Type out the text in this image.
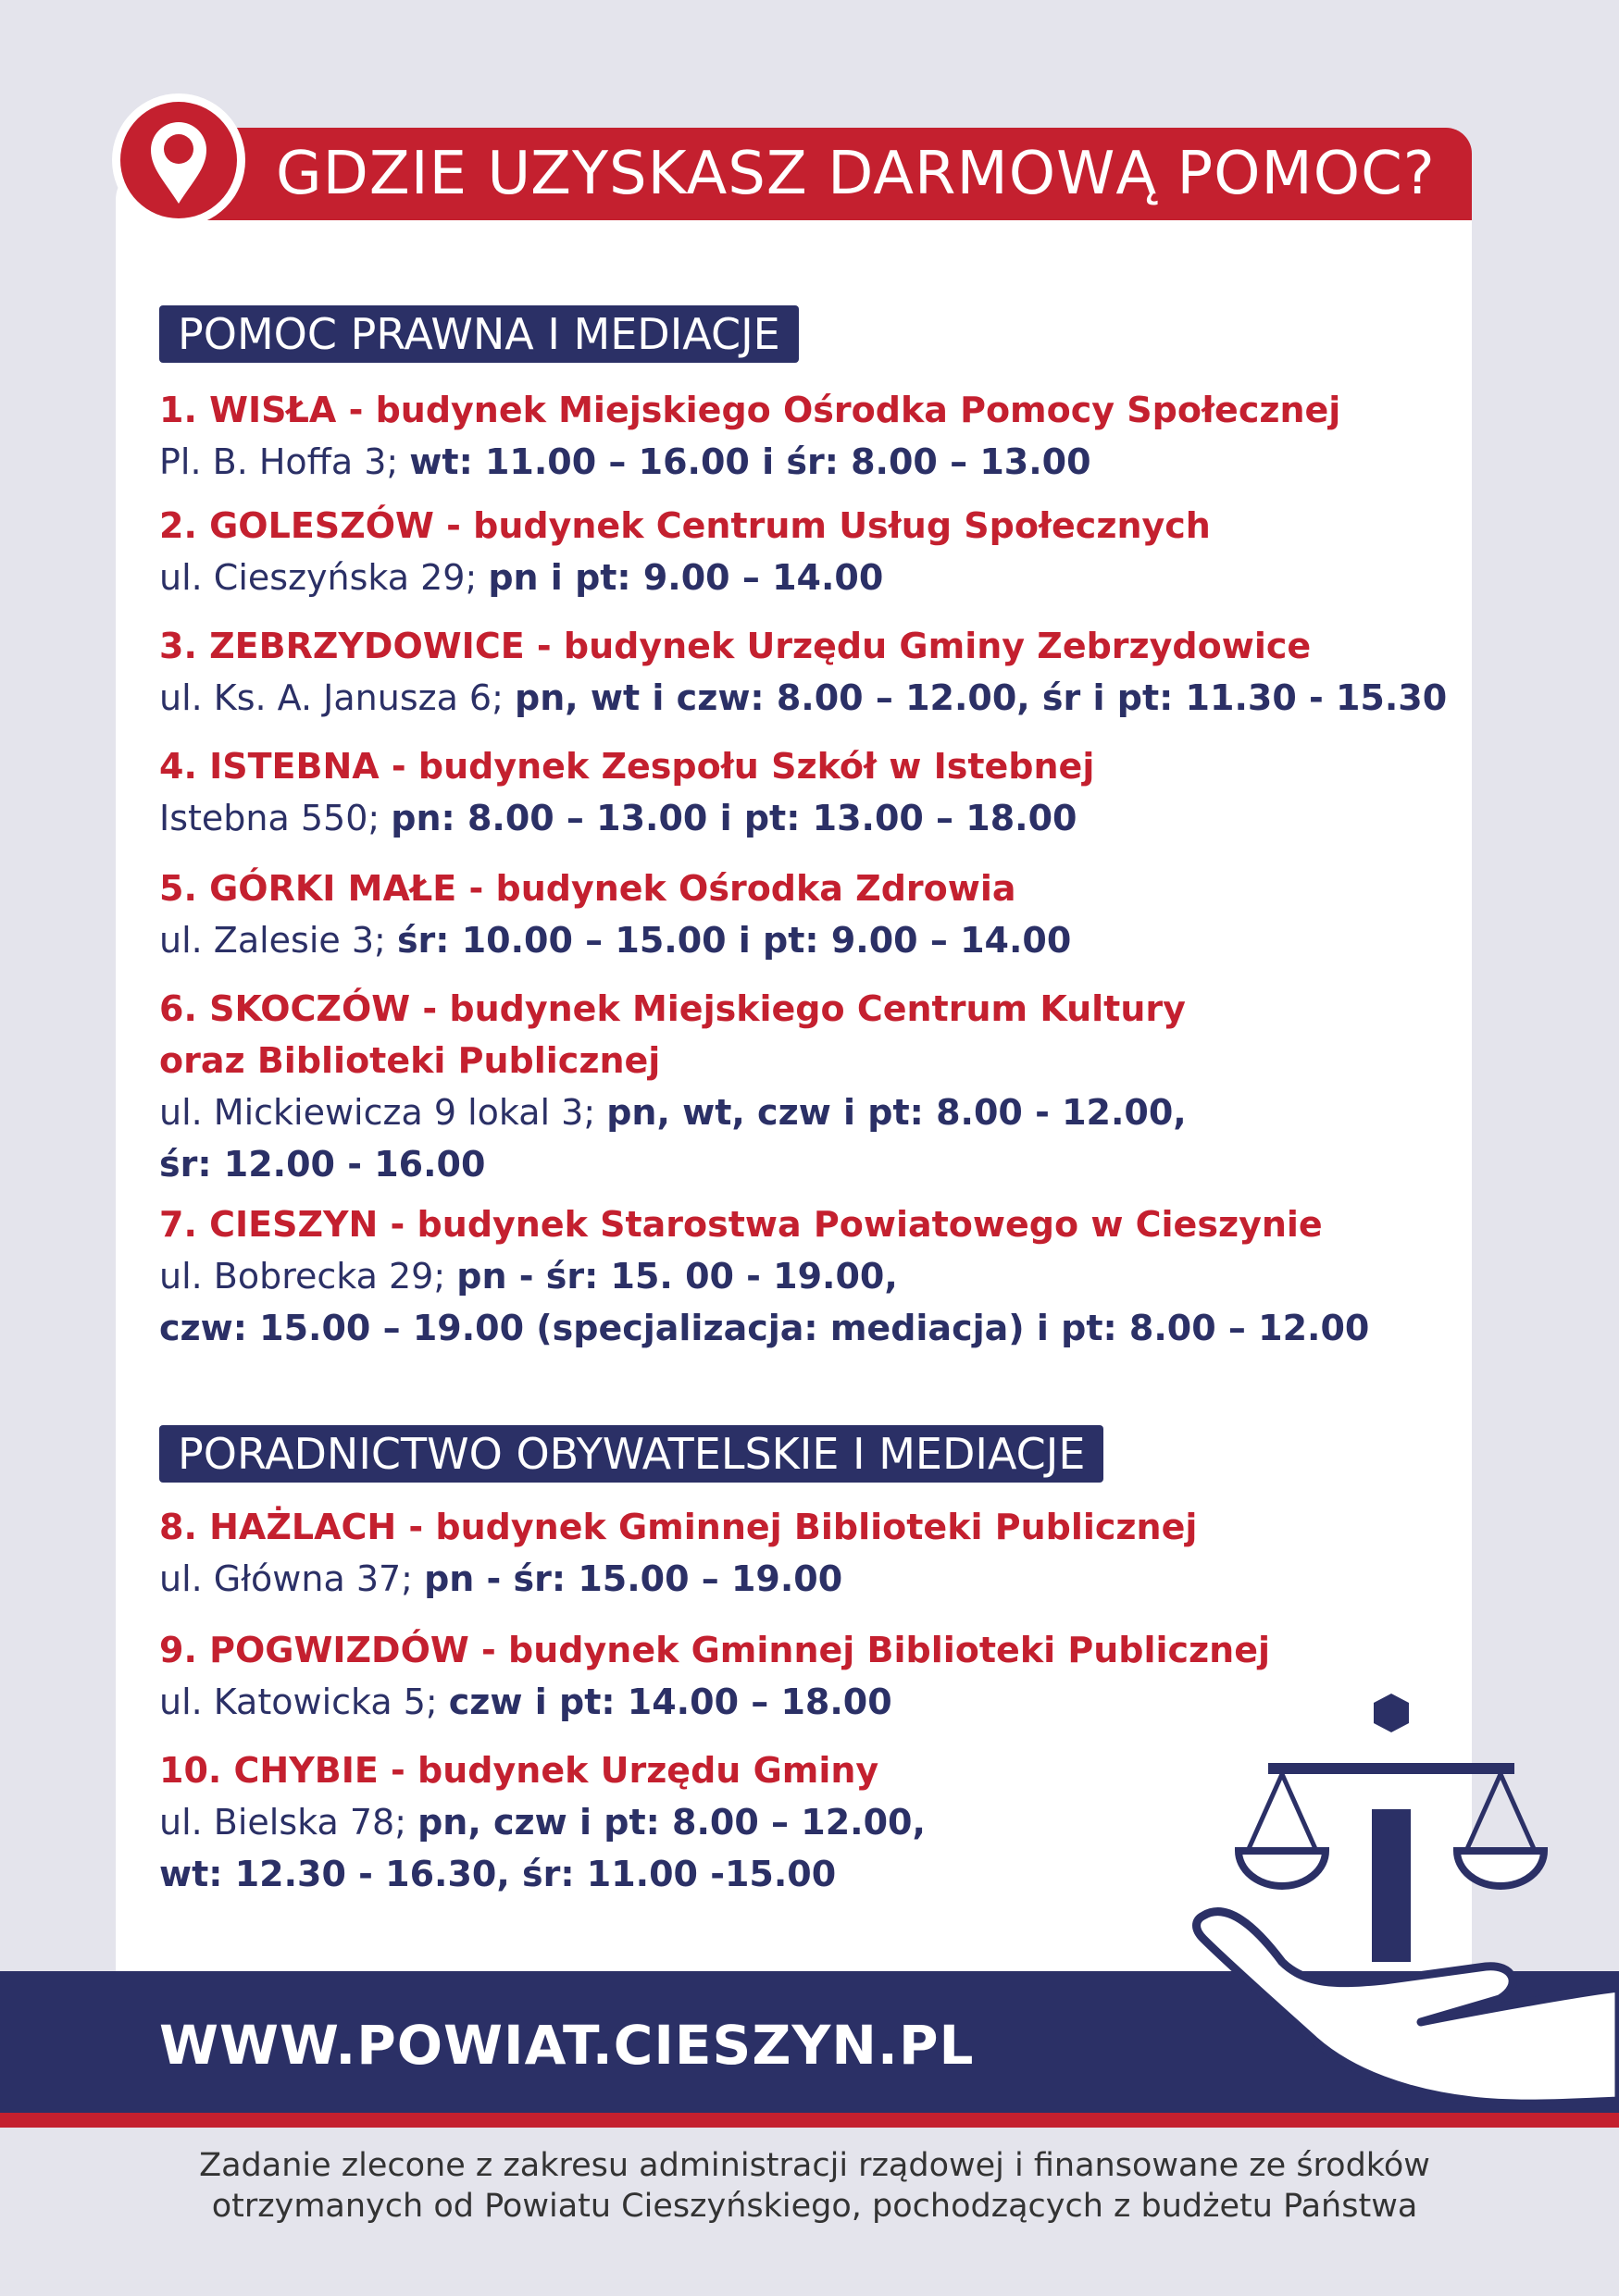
GDZIE UZYSKASZ DARMOWĄ POMOC?
POMOC PRAWNA I MEDIACJE
1. WISŁA - budynek Miejskiego Ośrodka Pomocy Społecznej
Pl. B. Hoffa 3; wt: 11.00 – 16.00 i śr: 8.00 – 13.00
2. GOLESZÓW - budynek Centrum Usług Społecznych
ul. Cieszyńska 29; pn i pt: 9.00 – 14.00
3. ZEBRZYDOWICE - budynek Urzędu Gminy Zebrzydowice
ul. Ks. A. Janusza 6; pn, wt i czw: 8.00 – 12.00, śr i pt: 11.30 - 15.30
4. ISTEBNA - budynek Zespołu Szkół w Istebnej
Istebna 550; pn: 8.00 – 13.00 i pt: 13.00 – 18.00
5. GÓRKI MAŁE - budynek Ośrodka Zdrowia
ul. Zalesie 3; śr: 10.00 – 15.00 i pt: 9.00 – 14.00
6. SKOCZÓW - budynek Miejskiego Centrum Kultury
oraz Biblioteki Publicznej
ul. Mickiewicza 9 lokal 3; pn, wt, czw i pt: 8.00 - 12.00,
śr: 12.00 - 16.00
7. CIESZYN - budynek Starostwa Powiatowego w Cieszynie
ul. Bobrecka 29; pn - śr: 15. 00 - 19.00,
czw: 15.00 – 19.00 (specjalizacja: mediacja) i pt: 8.00 – 12.00
PORADNICTWO OBYWATELSKIE I MEDIACJE
8. HAŻLACH - budynek Gminnej Biblioteki Publicznej
ul. Główna 37; pn - śr: 15.00 – 19.00
9. POGWIZDÓW - budynek Gminnej Biblioteki Publicznej
ul. Katowicka 5; czw i pt: 14.00 – 18.00
10. CHYBIE - budynek Urzędu Gminy
ul. Bielska 78; pn, czw i pt: 8.00 – 12.00,
wt: 12.30 - 16.30, śr: 11.00 -15.00
WWW.POWIAT.CIESZYN.PL
Zadanie zlecone z zakresu administracji rządowej i finansowane ze środków
otrzymanych od Powiatu Cieszyńskiego, pochodzących z budżetu Państwa
